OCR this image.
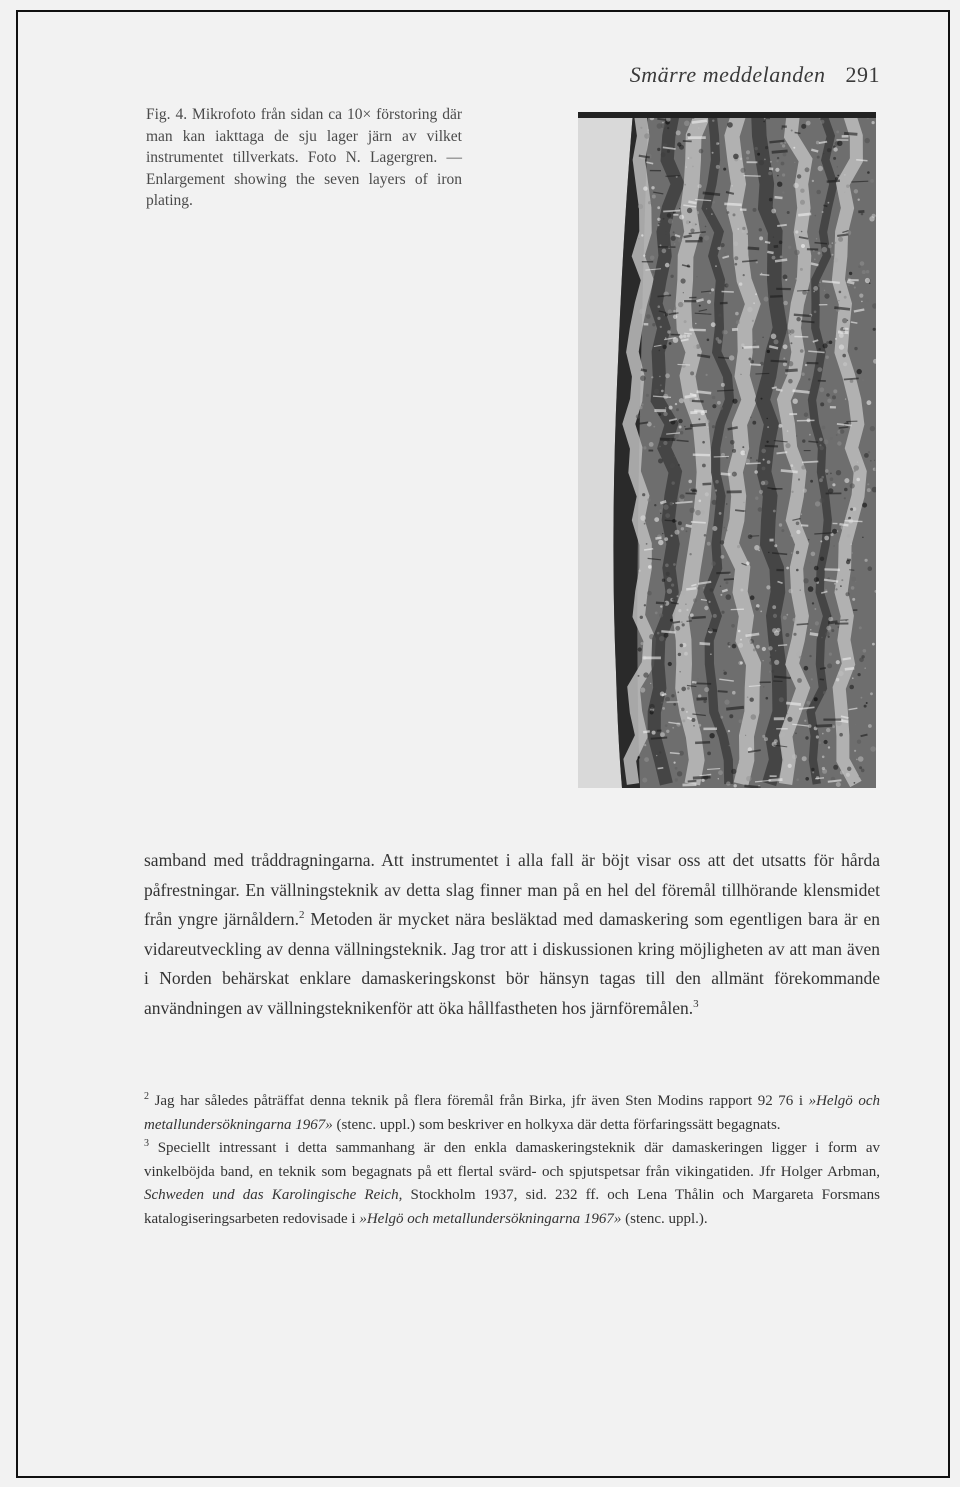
Smärre meddelanden 291
Fig. 4. Mikrofoto från sidan ca 10× förstoring där man kan iakttaga de sju lager järn av vilket instrumentet tillverkats. Foto N. Lagergren. — Enlargement showing the seven layers of iron plating.

samband med tråddragningarna. Att instrumentet i alla fall är böjt visar oss att det utsatts för hårda påfrestningar. En vällningsteknik av detta slag finner man på en hel del föremål tillhörande klensmidet från yngre järnåldern.$^2$ Metoden är mycket nära besläktad med damaskering som egentligen bara är en vidareutveckling av denna vällningsteknik. Jag tror att i diskussionen kring möjligheten av att man även i Norden behärskat enklare damaskeringskonst bör hänsyn tagas till den allmänt förekommande användningen av vällningsteknikenför att öka hållfastheten hos järnföremålen.$^3$

$^2$ Jag har således påträffat denna teknik på flera föremål från Birka, jfr även Sten Modins rapport 92 76 i »Helgö och metallundersökningarna 1967» (stenc. uppl.) som beskriver en holkyxa där detta förfaringssätt begagnats.

$^3$ Speciellt intressant i detta sammanhang är den enkla damaskeringsteknik där damaskeringen ligger i form av vinkelböjda band, en teknik som begagnats på ett flertal svärd- och spjutspetsar från vikingatiden. Jfr Holger Arbman, Schweden und das Karolingische Reich, Stockholm 1937, sid. 232 ff. och Lena Thålin och Margareta Forsmans katalogiseringsarbeten redovisade i »Helgö och metallundersökningarna 1967» (stenc. uppl.).
